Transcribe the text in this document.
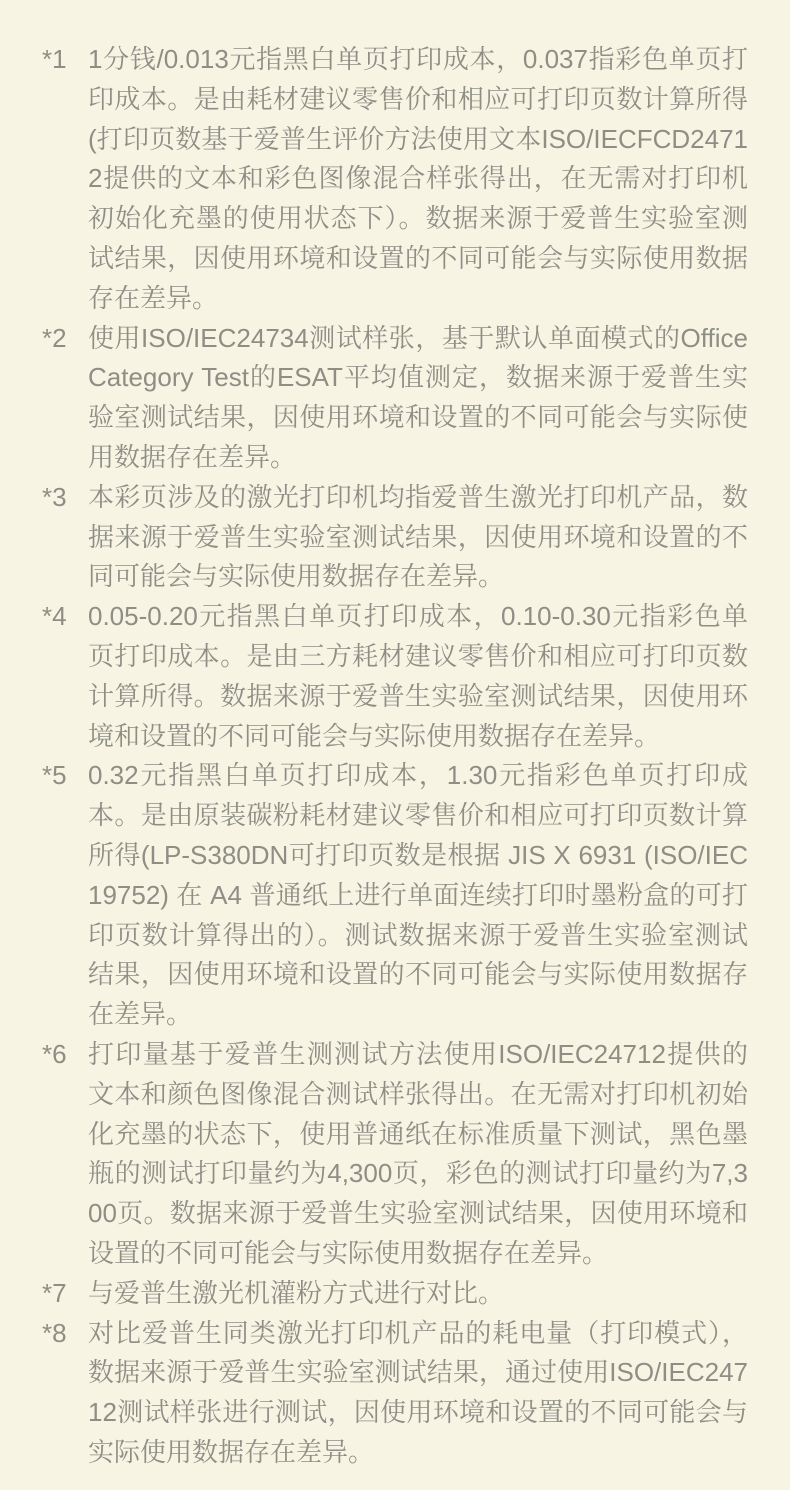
*1 1分钱/0.013元指黑白单页打印成本，0.037指彩色单页打印成本。是由耗材建议零售价和相应可打印页数计算所得(打印页数基于爱普生评价方法使用文本ISO/IECFCD24712提供的文本和彩色图像混合样张得出，在无需对打印机初始化充墨的使用状态下）。数据来源于爱普生实验室测试结果，因使用环境和设置的不同可能会与实际使用数据存在差异。

*2 使用ISO/IEC24734测试样张，基于默认单面模式的Office Category Test的ESAT平均值测定，数据来源于爱普生实验室测试结果，因使用环境和设置的不同可能会与实际使用数据存在差异。

*3 本彩页涉及的激光打印机均指爱普生激光打印机产品，数据来源于爱普生实验室测试结果，因使用环境和设置的不同可能会与实际使用数据存在差异。

*4 0.05-0.20元指黑白单页打印成本，0.10-0.30元指彩色单页打印成本。是由三方耗材建议零售价和相应可打印页数计算所得。数据来源于爱普生实验室测试结果，因使用环境和设置的不同可能会与实际使用数据存在差异。

*5 0.32元指黑白单页打印成本，1.30元指彩色单页打印成本。是由原装碳粉耗材建议零售价和相应可打印页数计算所得(LP-S380DN可打印页数是根据 JIS X 6931 (ISO/IEC19752) 在 A4 普通纸上进行单面连续打印时墨粉盒的可打印页数计算得出的）。测试数据来源于爱普生实验室测试结果，因使用环境和设置的不同可能会与实际使用数据存在差异。

*6 打印量基于爱普生测测试方法使用ISO/IEC24712提供的文本和颜色图像混合测试样张得出。在无需对打印机初始化充墨的状态下，使用普通纸在标准质量下测试，黑色墨瓶的测试打印量约为4,300页，彩色的测试打印量约为7,300页。数据来源于爱普生实验室测试结果，因使用环境和设置的不同可能会与实际使用数据存在差异。

*7 与爱普生激光机灌粉方式进行对比。

*8 对比爱普生同类激光打印机产品的耗电量（打印模式），数据来源于爱普生实验室测试结果，通过使用ISO/IEC24712测试样张进行测试，因使用环境和设置的不同可能会与实际使用数据存在差异。
